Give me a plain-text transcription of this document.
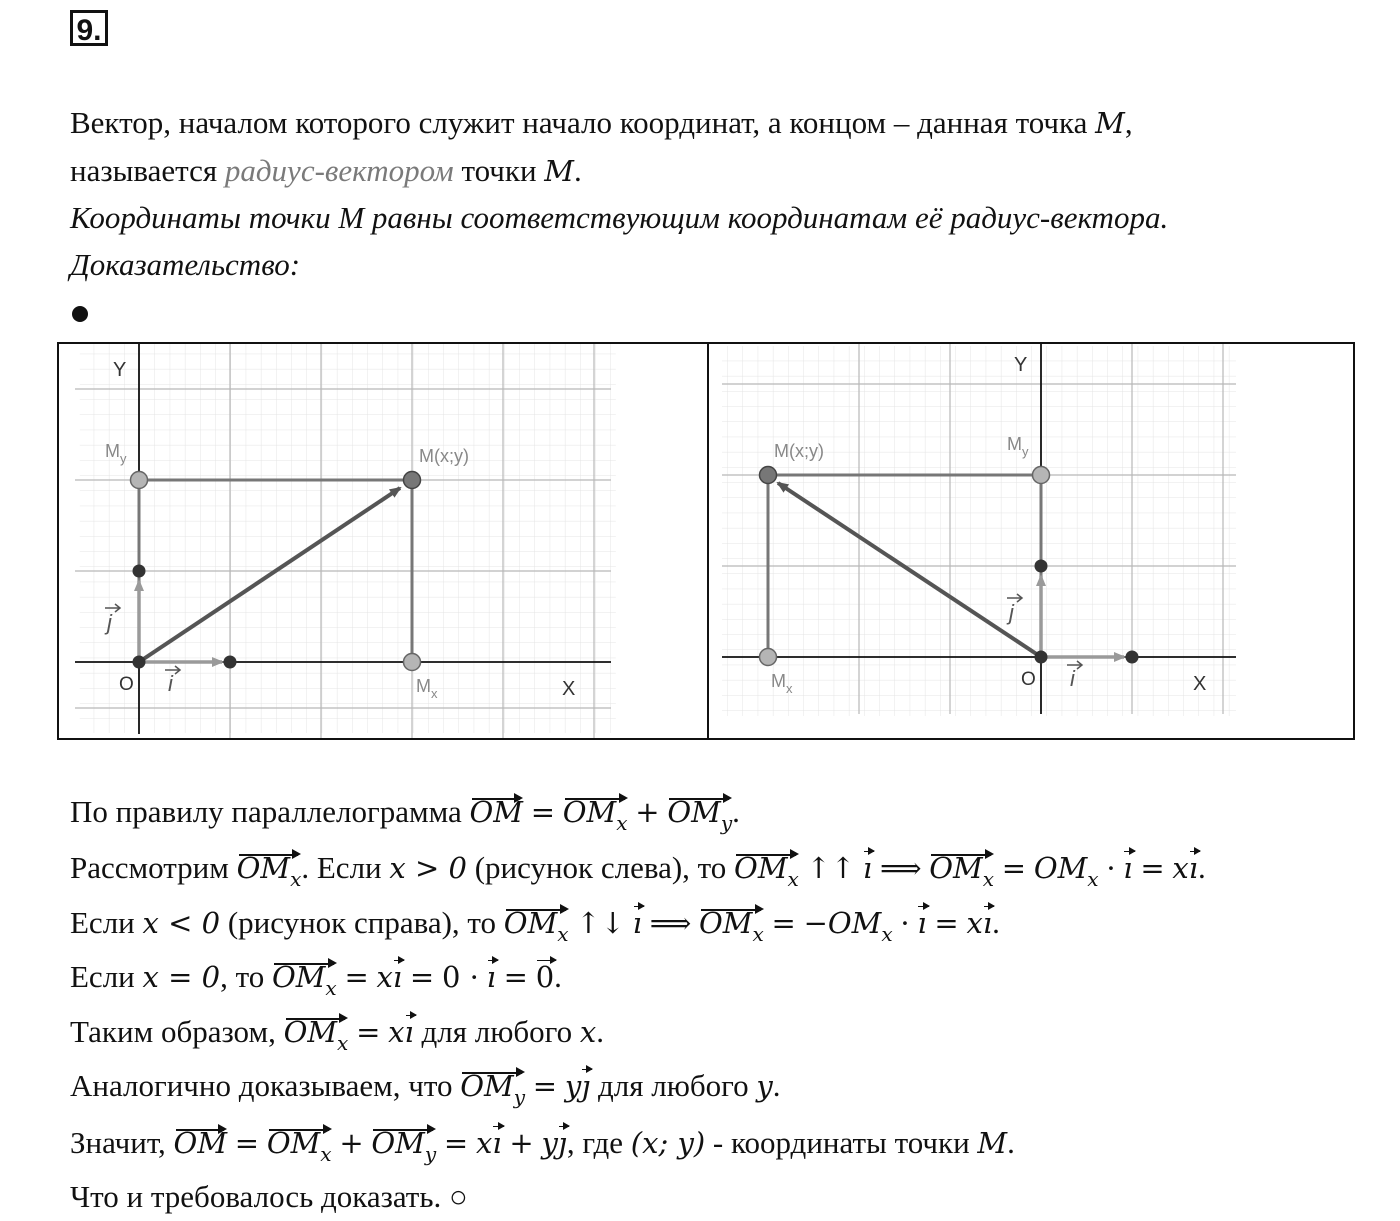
9.
Вектор, началом которого служит начало координат, а концом – данная точка M,
называется радиус-вектором точки M.
Координаты точки М равны соответствующим координатам её радиус-вектора.
Доказательство:
Y
X
O
$M_y$	M(x;y)
$M_x$
j
i
Y
X
O
$M_y$
M(x;y)
$M_x$
j
i
По правилу параллелограмма OM = $OM_x + OM_y$.
Рассмотрим $OM_x$. Если x > 0 (рисунок слева), то $OM_x$ ↑↑ ı ⟹ $OM_x = OM_x$ · ı = xı.
Если x < 0 (рисунок справа), то $OM_x$ ↑↓ ı ⟹ $OM_x = -OM_x$ · ı = xı.
Если x = 0, то $OM_x$ = xı = 0 · ı = 0.
Таким образом, $OM_x$ = xı для любого x.
Аналогично доказываем, что $OM_y$ = yȷ для любого y.
Значит, OM = $OM_x + OM_y$ = xı + yȷ, где (x; y) - координаты точки M.
Что и требовалось доказать. ○
